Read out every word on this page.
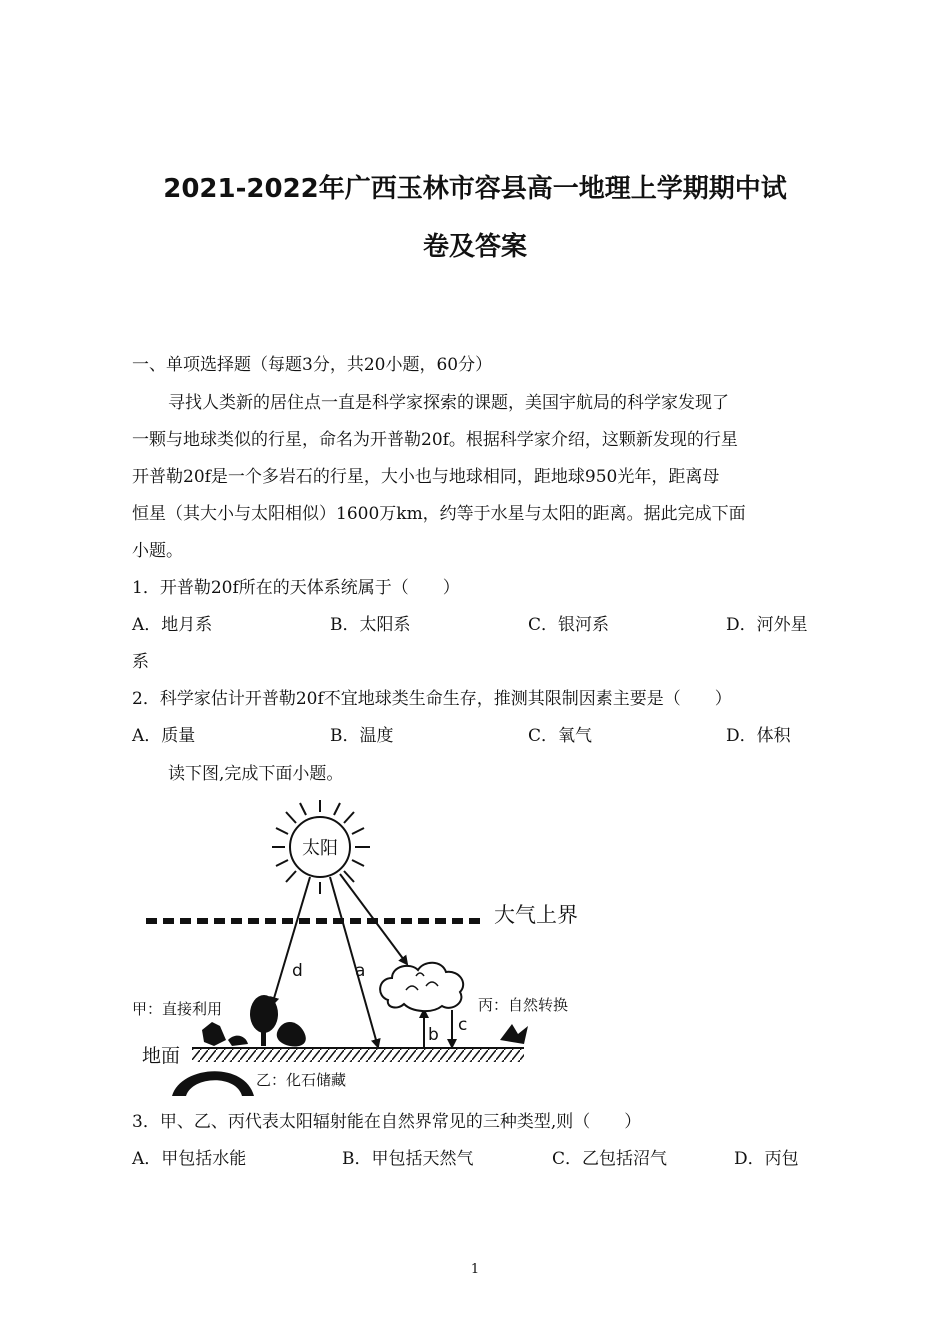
2021-2022年广西玉林市容县高一地理上学期期中试
卷及答案
一、单项选择题（每题3分，共20小题，60分）
寻找人类新的居住点一直是科学家探索的课题，美国宇航局的科学家发现了
一颗与地球类似的行星，命名为开普勒20f。根据科学家介绍，这颗新发现的行星
开普勒20f是一个多岩石的行星，大小也与地球相同，距地球950光年，距离母
恒星（其大小与太阳相似）1600万km，约等于水星与太阳的距离。据此完成下面
小题。
1．开普勒20f所在的天体系统属于（　　）
A．地月系	B．太阳系	C．银河系	D．河外星
系
2．科学家估计开普勒20f不宜地球类生命生存，推测其限制因素主要是（　　）
A．质量	B．温度	C．氧气	D．体积
读下图,完成下面小题。
太阳
大气上界
d	a
b c
地面
甲：直接利用
乙：化石储藏
丙：自然转换
3．甲、乙、丙代表太阳辐射能在自然界常见的三种类型,则（　　）
A．甲包括水能	B．甲包括天然气	C．乙包括沼气	D．丙包
1
